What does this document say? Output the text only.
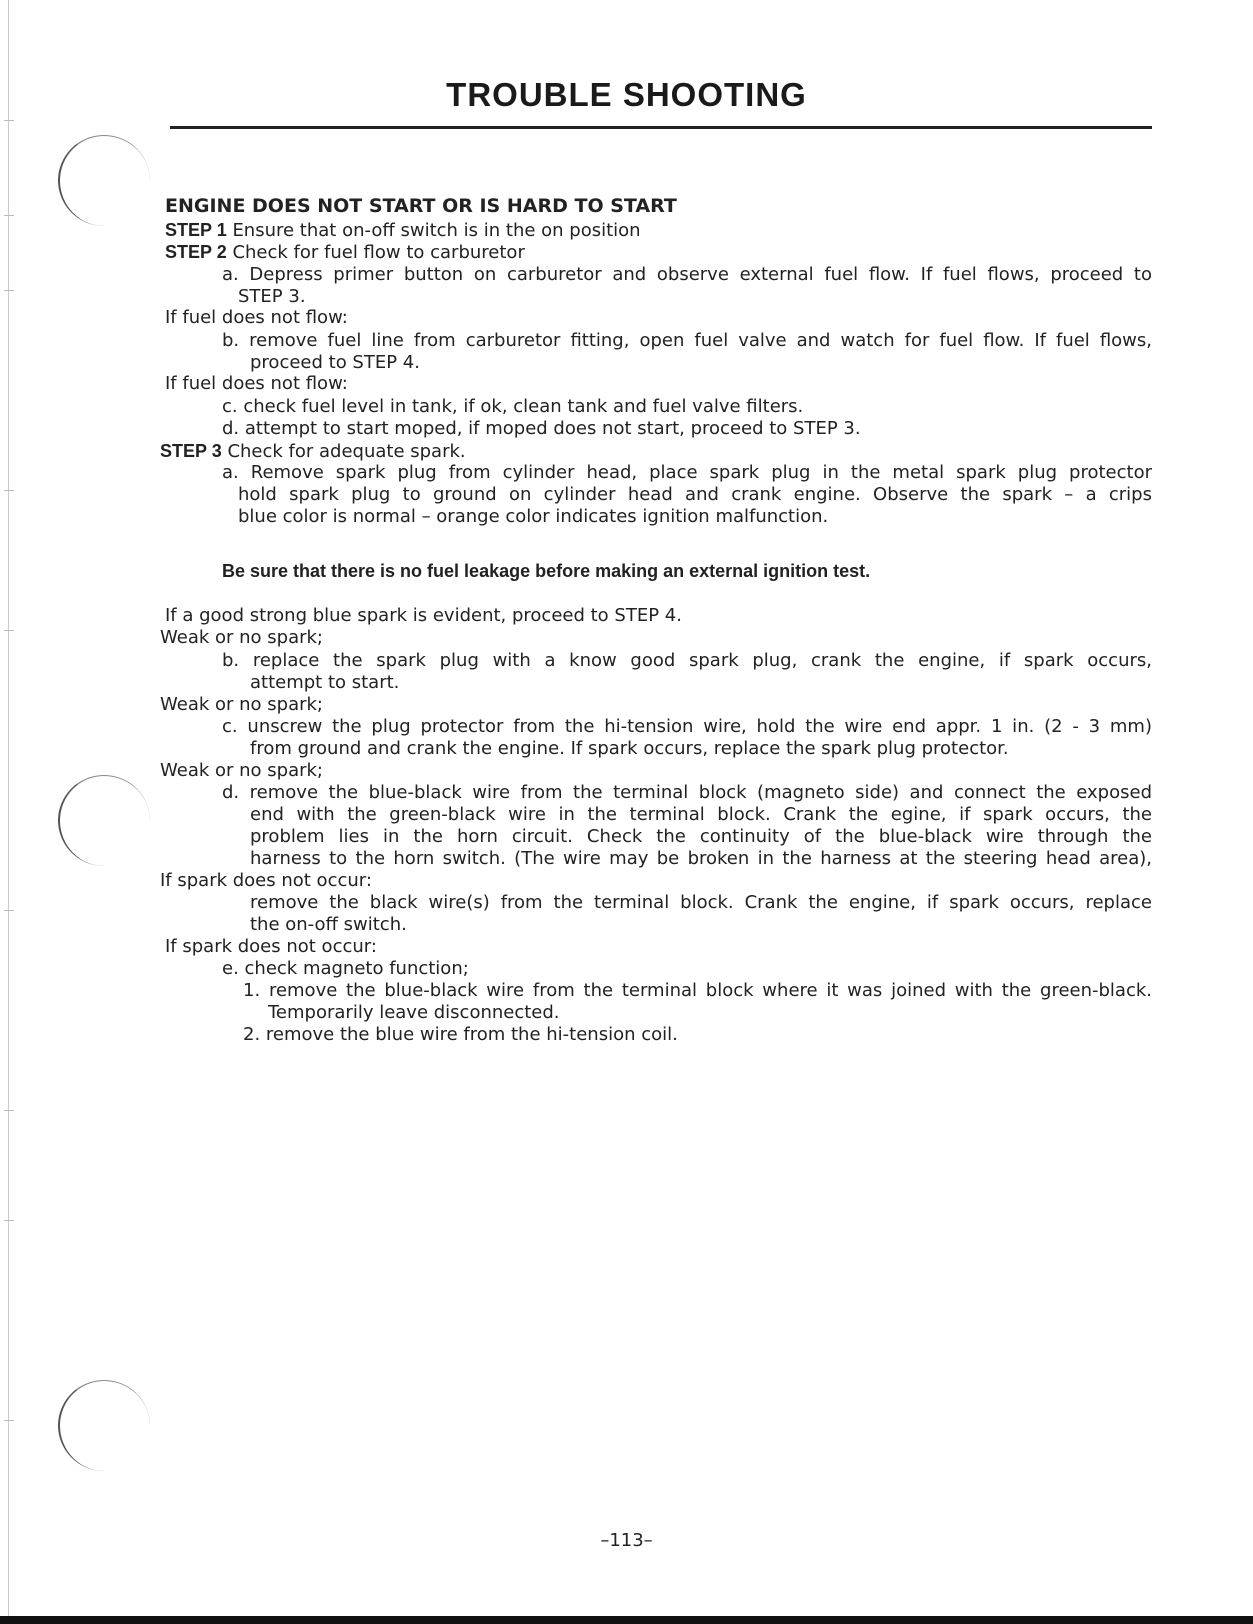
TROUBLE SHOOTING
ENGINE DOES NOT START OR IS HARD TO START
STEP 1 Ensure that on-off switch is in the on position
STEP 2 Check for fuel flow to carburetor
a. Depress primer button on carburetor and observe external fuel flow. If fuel flows, proceed to
STEP 3.
If fuel does not flow:
b. remove fuel line from carburetor fitting, open fuel valve and watch for fuel flow. If fuel flows,
proceed to STEP 4.
If fuel does not flow:
c. check fuel level in tank, if ok, clean tank and fuel valve filters.
d. attempt to start moped, if moped does not start, proceed to STEP 3.
STEP 3 Check for adequate spark.
a. Remove spark plug from cylinder head, place spark plug in the metal spark plug protector
hold spark plug to ground on cylinder head and crank engine. Observe the spark – a crips
blue color is normal – orange color indicates ignition malfunction.
Be sure that there is no fuel leakage before making an external ignition test.
If a good strong blue spark is evident, proceed to STEP 4.
Weak or no spark;
b. replace the spark plug with a know good spark plug, crank the engine, if spark occurs,
attempt to start.
Weak or no spark;
c. unscrew the plug protector from the hi-tension wire, hold the wire end appr. 1 in. (2 - 3 mm)
from ground and crank the engine. If spark occurs, replace the spark plug protector.
Weak or no spark;
d. remove the blue-black wire from the terminal block (magneto side) and connect the exposed
end with the green-black wire in the terminal block. Crank the egine, if spark occurs, the
problem lies in the horn circuit. Check the continuity of the blue-black wire through the
harness to the horn switch. (The wire may be broken in the harness at the steering head area),
If spark does not occur:
remove the black wire(s) from the terminal block. Crank the engine, if spark occurs, replace
the on-off switch.
If spark does not occur:
e. check magneto function;
1. remove the blue-black wire from the terminal block where it was joined with the green-black.
Temporarily leave disconnected.
2. remove the blue wire from the hi-tension coil.
–113–
